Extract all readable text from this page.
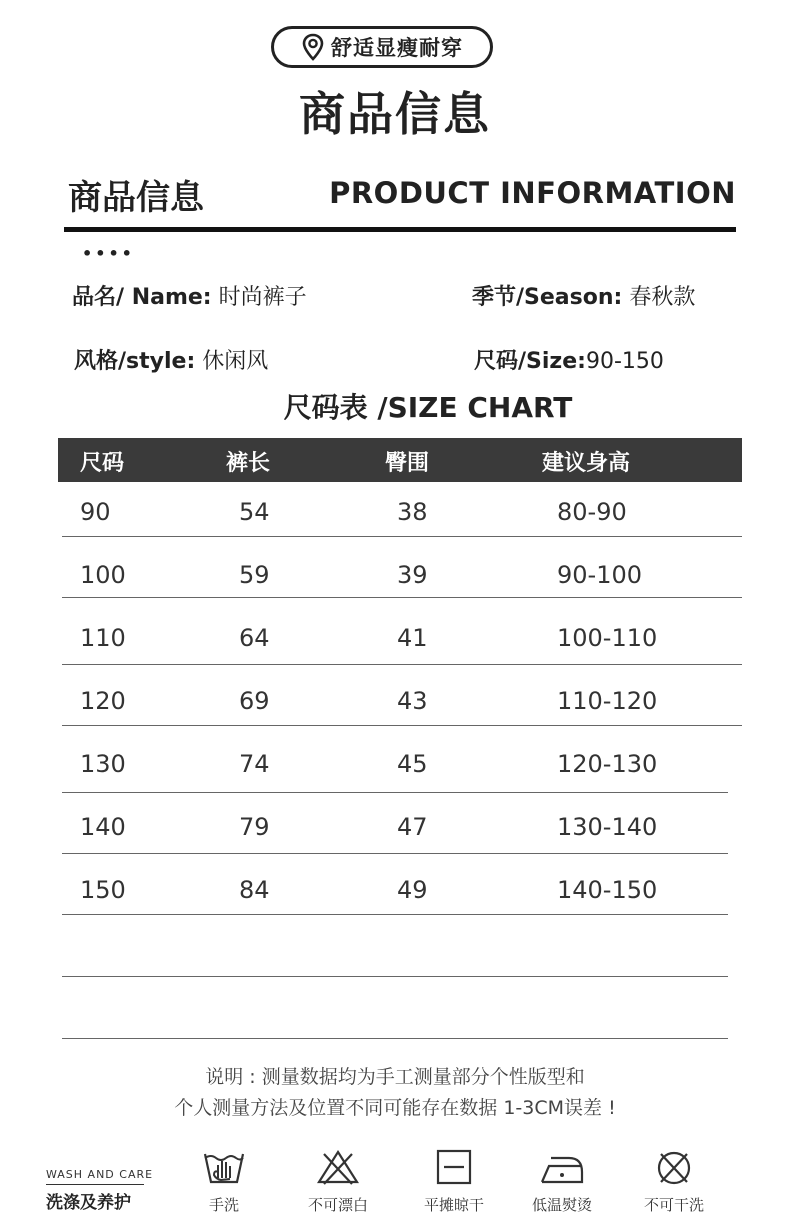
舒适显瘦耐穿
商品信息
商品信息	PRODUCT INFORMATION
••••
品名/ Name: 时尚裤子	季节/Season: 春秋款
风格/style: 休闲风	尺码/Size:90-150
尺码表 /SIZE CHART
尺码	裤长	臀围	建议身高
90	54	38	80-90
100	59	39	90-100
110	64	41	100-110
120	69	43	110-120
130	74	45	120-130
140	79	47	130-140
150	84	49	140-150
说明 : 测量数据均为手工测量部分个性版型和
个人测量方法及位置不同可能存在数据 1-3CM误差 !
WASH AND CARE
洗涤及养护	手洗	不可漂白	平摊晾干	低温熨烫	不可干洗
